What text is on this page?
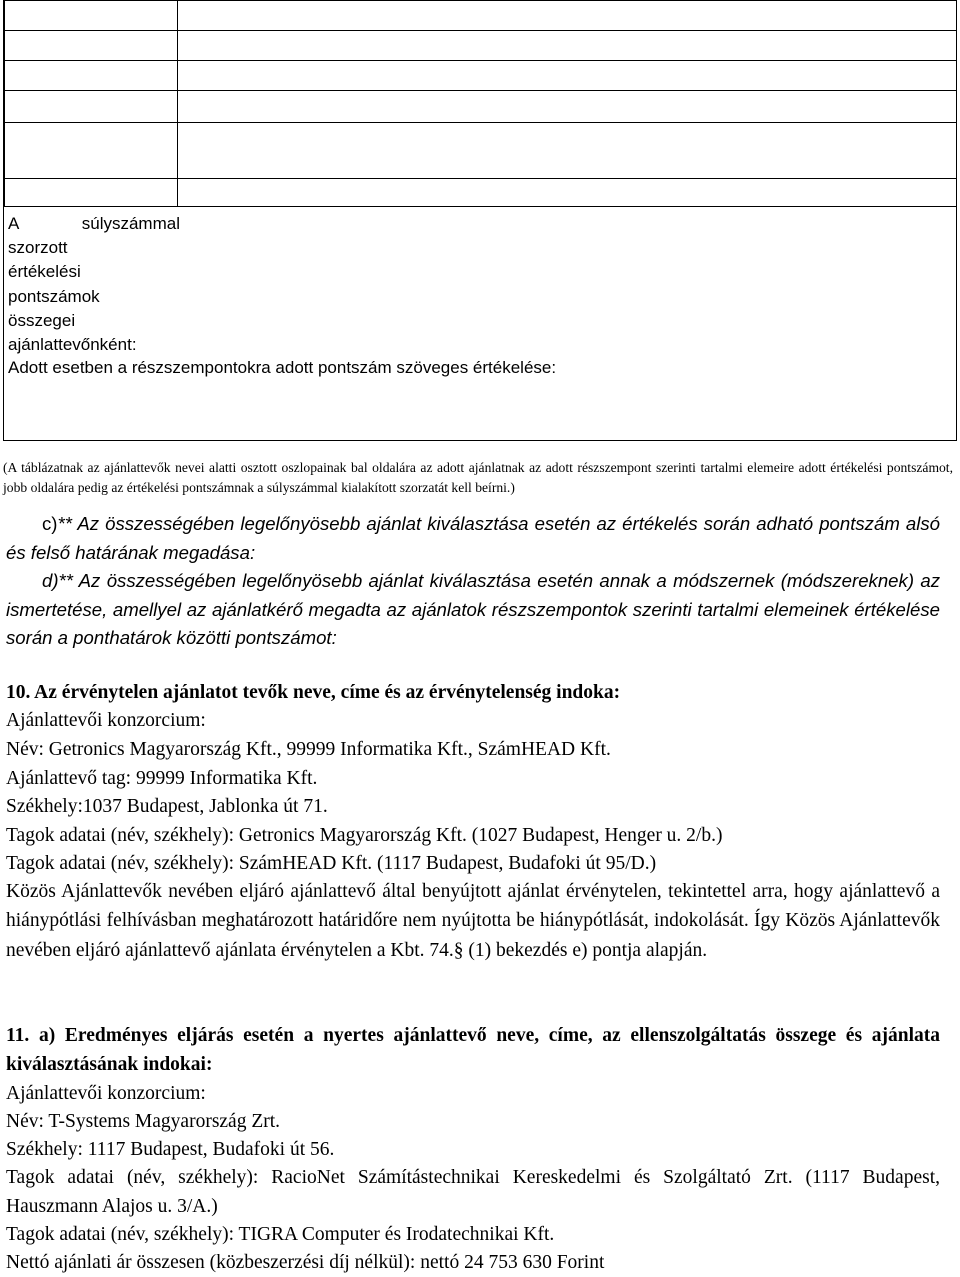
A	súlyszámmal
szorzott
értékelési
pontszámok
összegei
ajánlattevőnként:
Adott esetben a részszempontokra adott pontszám szöveges értékelése:
(A táblázatnak az ajánlattevők nevei alatti osztott oszlopainak bal oldalára az adott ajánlatnak az adott részszempont szerinti tartalmi elemeire adott értékelési pontszámot, jobb oldalára pedig az értékelési pontszámnak a súlyszámmal kialakított szorzatát kell beírni.)
c)** Az összességében legelőnyösebb ajánlat kiválasztása esetén az értékelés során adható pontszám alsó és felső határának megadása:
d)** Az összességében legelőnyösebb ajánlat kiválasztása esetén annak a módszernek (módszereknek) az ismertetése, amellyel az ajánlatkérő megadta az ajánlatok részszempontok szerinti tartalmi elemeinek értékelése során a ponthatárok közötti pontszámot:
10. Az érvénytelen ajánlatot tevők neve, címe és az érvénytelenség indoka:
Ajánlattevői konzorcium:
Név: Getronics Magyarország Kft., 99999 Informatika Kft., SzámHEAD Kft.
Ajánlattevő tag: 99999 Informatika Kft.
Székhely:1037 Budapest, Jablonka út 71.
Tagok adatai (név, székhely): Getronics Magyarország Kft. (1027 Budapest, Henger u. 2/b.)
Tagok adatai (név, székhely): SzámHEAD Kft. (1117 Budapest, Budafoki út 95/D.)
Közös Ajánlattevők nevében eljáró ajánlattevő által benyújtott ajánlat érvénytelen, tekintettel arra, hogy ajánlattevő a hiánypótlási felhívásban meghatározott határidőre nem nyújtotta be hiánypótlását, indokolását. Így Közös Ajánlattevők nevében eljáró ajánlattevő ajánlata érvénytelen a Kbt. 74.§ (1) bekezdés e) pontja alapján.
11. a) Eredményes eljárás esetén a nyertes ajánlattevő neve, címe, az ellenszolgáltatás összege és ajánlata kiválasztásának indokai:
Ajánlattevői konzorcium:
Név: T-Systems Magyarország Zrt.
Székhely: 1117 Budapest, Budafoki út 56.
Tagok adatai (név, székhely): RacioNet Számítástechnikai Kereskedelmi és Szolgáltató Zrt. (1117 Budapest, Hauszmann Alajos u. 3/A.)
Tagok adatai (név, székhely): TIGRA Computer és Irodatechnikai Kft.
Nettó ajánlati ár összesen (közbeszerzési díj nélkül): nettó 24 753 630 Forint
